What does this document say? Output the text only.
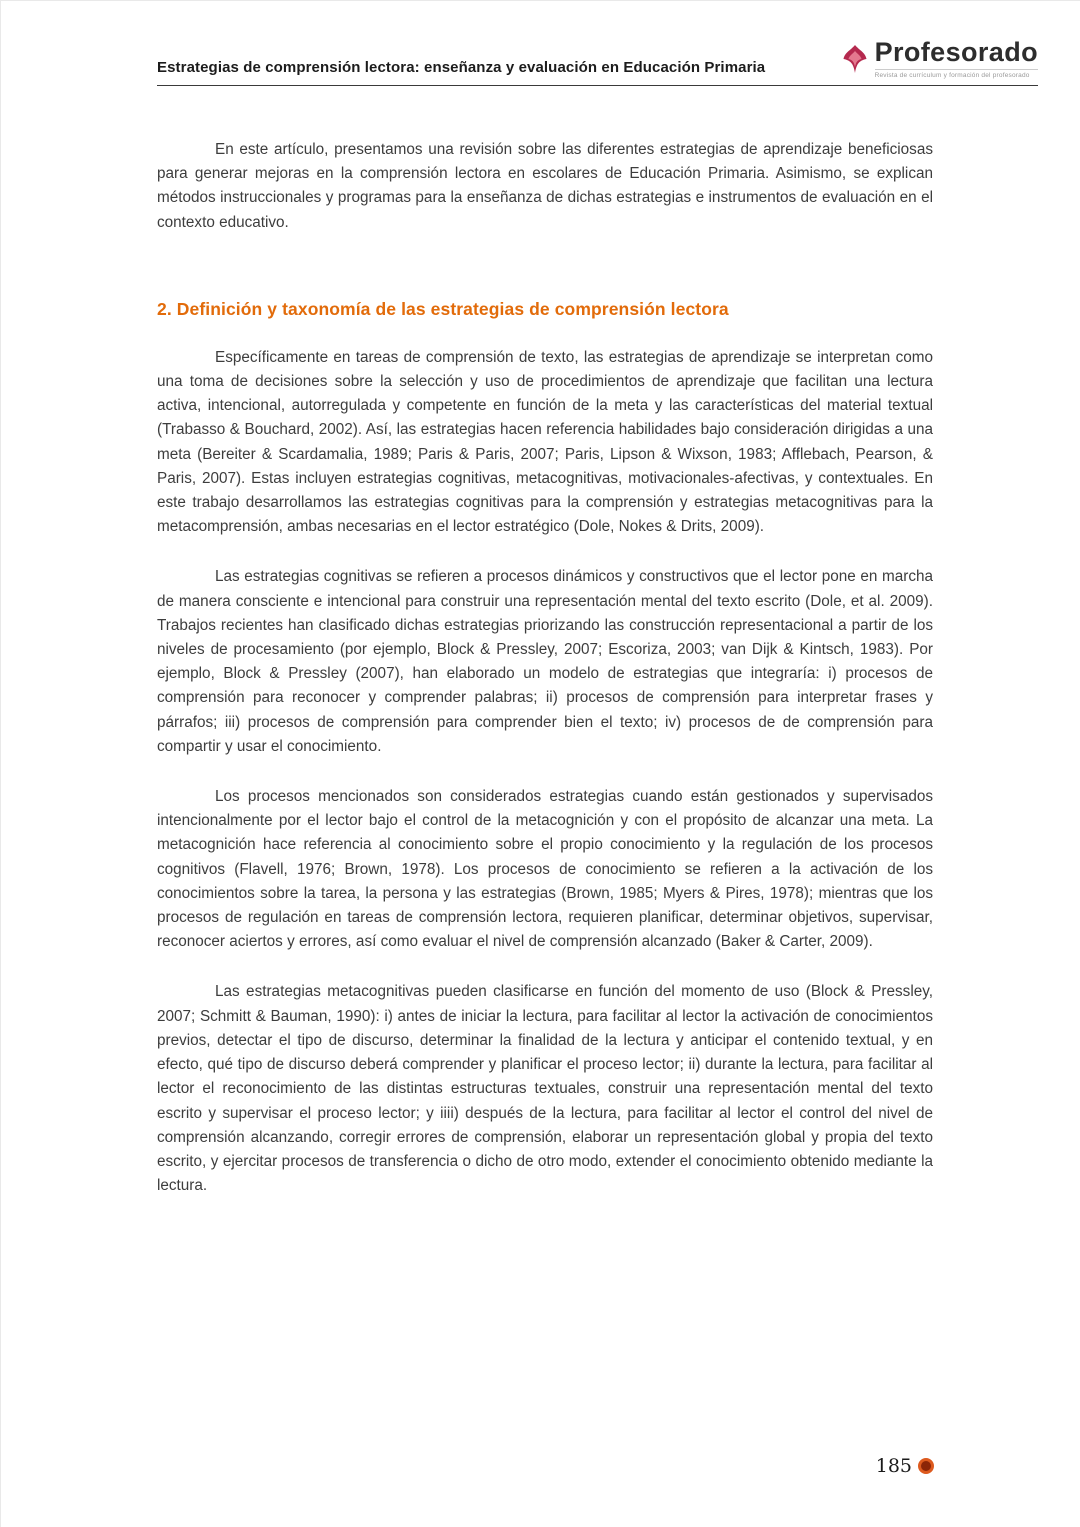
Estrategias de comprensión lectora: enseñanza y evaluación en Educación Primaria
Profesorado
Revista de currículum y formación del profesorado

En este artículo, presentamos una revisión sobre las diferentes estrategias de aprendizaje beneficiosas para generar mejoras en la comprensión lectora en escolares de Educación Primaria. Asimismo, se explican métodos instruccionales y programas para la enseñanza de dichas estrategias e instrumentos de evaluación en el contexto educativo.

2. Definición y taxonomía de las estrategias de comprensión lectora

Específicamente en tareas de comprensión de texto, las estrategias de aprendizaje se interpretan como una toma de decisiones sobre la selección y uso de procedimientos de aprendizaje que facilitan una lectura activa, intencional, autorregulada y competente en función de la meta y las características del material textual (Trabasso & Bouchard, 2002). Así, las estrategias hacen referencia habilidades bajo consideración dirigidas a una meta (Bereiter & Scardamalia, 1989; Paris & Paris, 2007; Paris, Lipson & Wixson, 1983; Afflebach, Pearson, & Paris, 2007). Estas incluyen estrategias cognitivas, metacognitivas, motivacionales-afectivas, y contextuales. En este trabajo desarrollamos las estrategias cognitivas para la comprensión y estrategias metacognitivas para la metacomprensión, ambas necesarias en el lector estratégico (Dole, Nokes & Drits, 2009).

Las estrategias cognitivas se refieren a procesos dinámicos y constructivos que el lector pone en marcha de manera consciente e intencional para construir una representación mental del texto escrito (Dole, et al. 2009). Trabajos recientes han clasificado dichas estrategias priorizando las construcción representacional a partir de los niveles de procesamiento (por ejemplo, Block & Pressley, 2007; Escoriza, 2003; van Dijk & Kintsch, 1983). Por ejemplo, Block & Pressley (2007), han elaborado un modelo de estrategias que integraría: i) procesos de comprensión para reconocer y comprender palabras; ii) procesos de comprensión para interpretar frases y párrafos; iii) procesos de comprensión para comprender bien el texto; iv) procesos de de comprensión para compartir y usar el conocimiento.

Los procesos mencionados son considerados estrategias cuando están gestionados y supervisados intencionalmente por el lector bajo el control de la metacognición y con el propósito de alcanzar una meta. La metacognición hace referencia al conocimiento sobre el propio conocimiento y la regulación de los procesos cognitivos (Flavell, 1976; Brown, 1978). Los procesos de conocimiento se refieren a la activación de los conocimientos sobre la tarea, la persona y las estrategias (Brown, 1985; Myers & Pires, 1978); mientras que los procesos de regulación en tareas de comprensión lectora, requieren planificar, determinar objetivos, supervisar, reconocer aciertos y errores, así como evaluar el nivel de comprensión alcanzado (Baker & Carter, 2009).

Las estrategias metacognitivas pueden clasificarse en función del momento de uso (Block & Pressley, 2007; Schmitt & Bauman, 1990): i) antes de iniciar la lectura, para facilitar al lector la activación de conocimientos previos, detectar el tipo de discurso, determinar la finalidad de la lectura y anticipar el contenido textual, y en efecto, qué tipo de discurso deberá comprender y planificar el proceso lector; ii) durante la lectura, para facilitar al lector el reconocimiento de las distintas estructuras textuales, construir una representación mental del texto escrito y supervisar el proceso lector; y iiii) después de la lectura, para facilitar al lector el control del nivel de comprensión alcanzando, corregir errores de comprensión, elaborar un representación global y propia del texto escrito, y ejercitar procesos de transferencia o dicho de otro modo, extender el conocimiento obtenido mediante la lectura.

185
